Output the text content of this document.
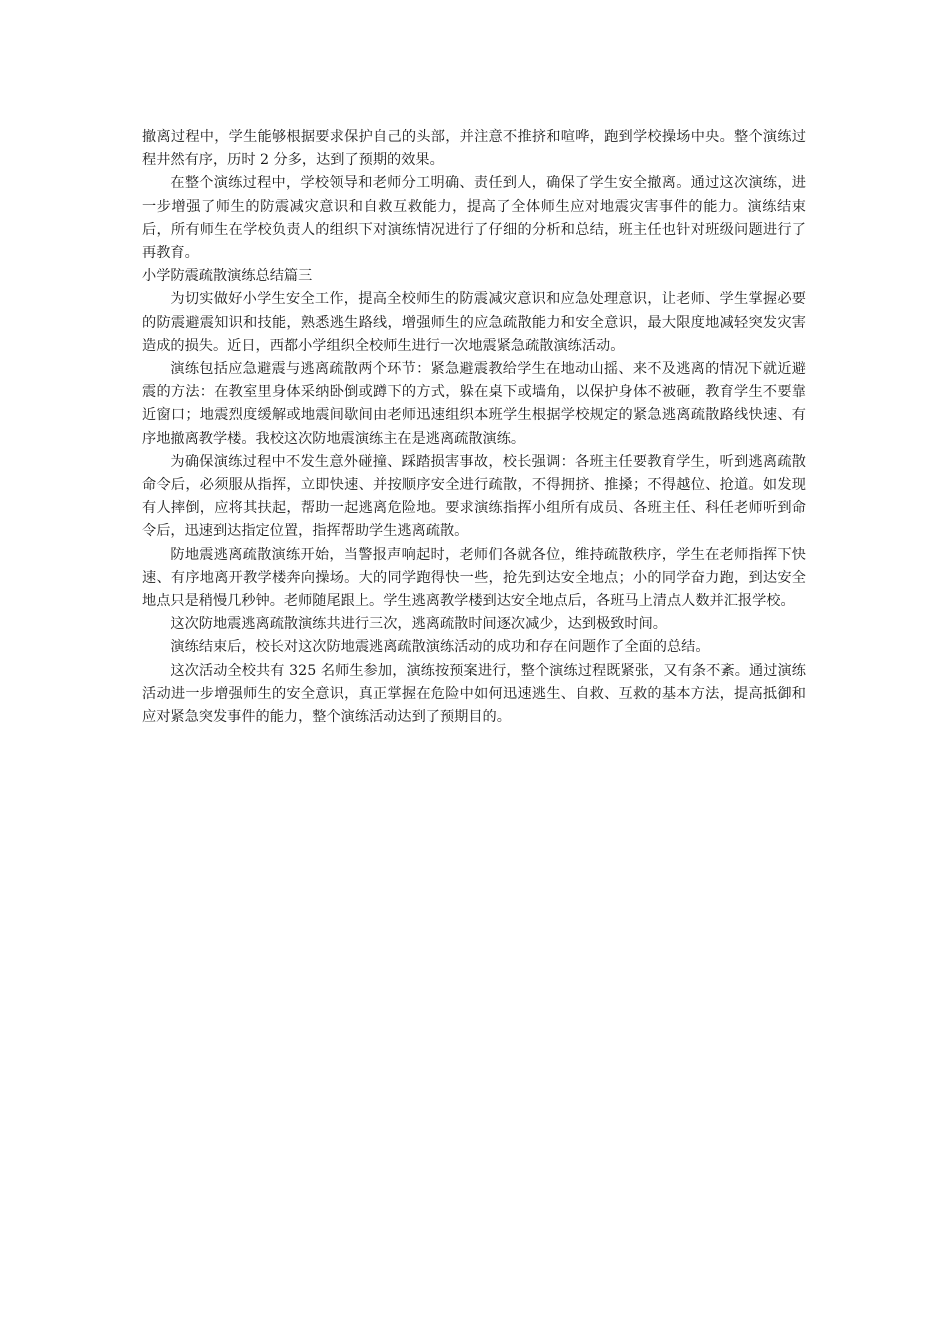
撤离过程中，学生能够根据要求保护自己的头部，并注意不推挤和喧哗，跑到学校操场中央。整个演练过程井然有序，历时 2 分多，达到了预期的效果。

在整个演练过程中，学校领导和老师分工明确、责任到人，确保了学生安全撤离。通过这次演练，进一步增强了师生的防震减灾意识和自救互救能力，提高了全体师生应对地震灾害事件的能力。演练结束后，所有师生在学校负责人的组织下对演练情况进行了仔细的分析和总结，班主任也针对班级问题进行了再教育。

小学防震疏散演练总结篇三

为切实做好小学生安全工作，提高全校师生的防震减灾意识和应急处理意识，让老师、学生掌握必要的防震避震知识和技能，熟悉逃生路线，增强师生的应急疏散能力和安全意识，最大限度地减轻突发灾害造成的损失。近日，西都小学组织全校师生进行一次地震紧急疏散演练活动。

演练包括应急避震与逃离疏散两个环节：紧急避震教给学生在地动山摇、来不及逃离的情况下就近避震的方法：在教室里身体采纳卧倒或蹲下的方式，躲在桌下或墙角，以保护身体不被砸，教育学生不要靠近窗口；地震烈度缓解或地震间歇间由老师迅速组织本班学生根据学校规定的紧急逃离疏散路线快速、有序地撤离教学楼。我校这次防地震演练主在是逃离疏散演练。

为确保演练过程中不发生意外碰撞、踩踏损害事故，校长强调：各班主任要教育学生，听到逃离疏散命令后，必须服从指挥，立即快速、并按顺序安全进行疏散，不得拥挤、推搡；不得越位、抢道。如发现有人摔倒，应将其扶起，帮助一起逃离危险地。要求演练指挥小组所有成员、各班主任、科任老师听到命令后，迅速到达指定位置，指挥帮助学生逃离疏散。

防地震逃离疏散演练开始，当警报声响起时，老师们各就各位，维持疏散秩序，学生在老师指挥下快速、有序地离开教学楼奔向操场。大的同学跑得快一些，抢先到达安全地点；小的同学奋力跑，到达安全地点只是稍慢几秒钟。老师随尾跟上。学生逃离教学楼到达安全地点后，各班马上清点人数并汇报学校。

这次防地震逃离疏散演练共进行三次，逃离疏散时间逐次减少，达到极致时间。

演练结束后，校长对这次防地震逃离疏散演练活动的成功和存在问题作了全面的总结。

这次活动全校共有 325 名师生参加，演练按预案进行，整个演练过程既紧张，又有条不紊。通过演练活动进一步增强师生的安全意识，真正掌握在危险中如何迅速逃生、自救、互救的基本方法，提高抵御和应对紧急突发事件的能力，整个演练活动达到了预期目的。
